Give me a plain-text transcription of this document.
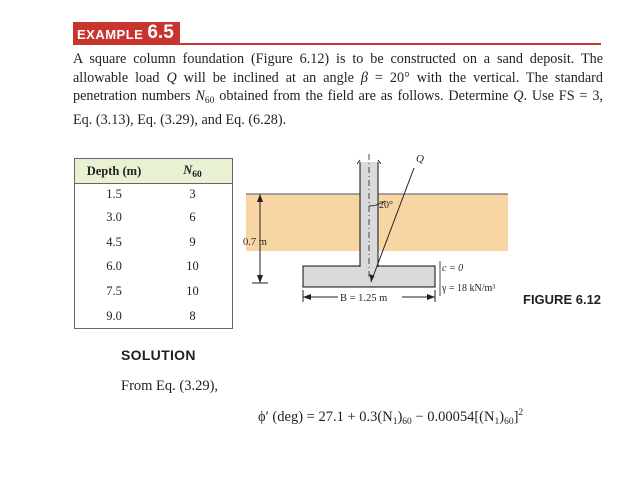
EXAMPLE 6.5
A square column foundation (Figure 6.12) is to be constructed on a sand deposit. The allowable load Q will be inclined at an angle β = 20° with the vertical. The standard penetration numbers $N_{60}$ obtained from the field are as follows. Determine Q. Use FS = 3, Eq. (3.13), Eq. (3.29), and Eq. (6.28).
Depth (m)	$N_{60}$
1.5	3
3.0	6
4.5	9
6.0	10
7.5	10
9.0	8
Q
20°
0.7 m
B = 1.25 m
c = 0
γ = 18 kN/m³
FIGURE 6.12
SOLUTION
From Eq. (3.29),
ϕ′ $(deg) = 27.1 + 0.3(N_1)_{60} - 0.00054[(N_1)_{60}]^2$
